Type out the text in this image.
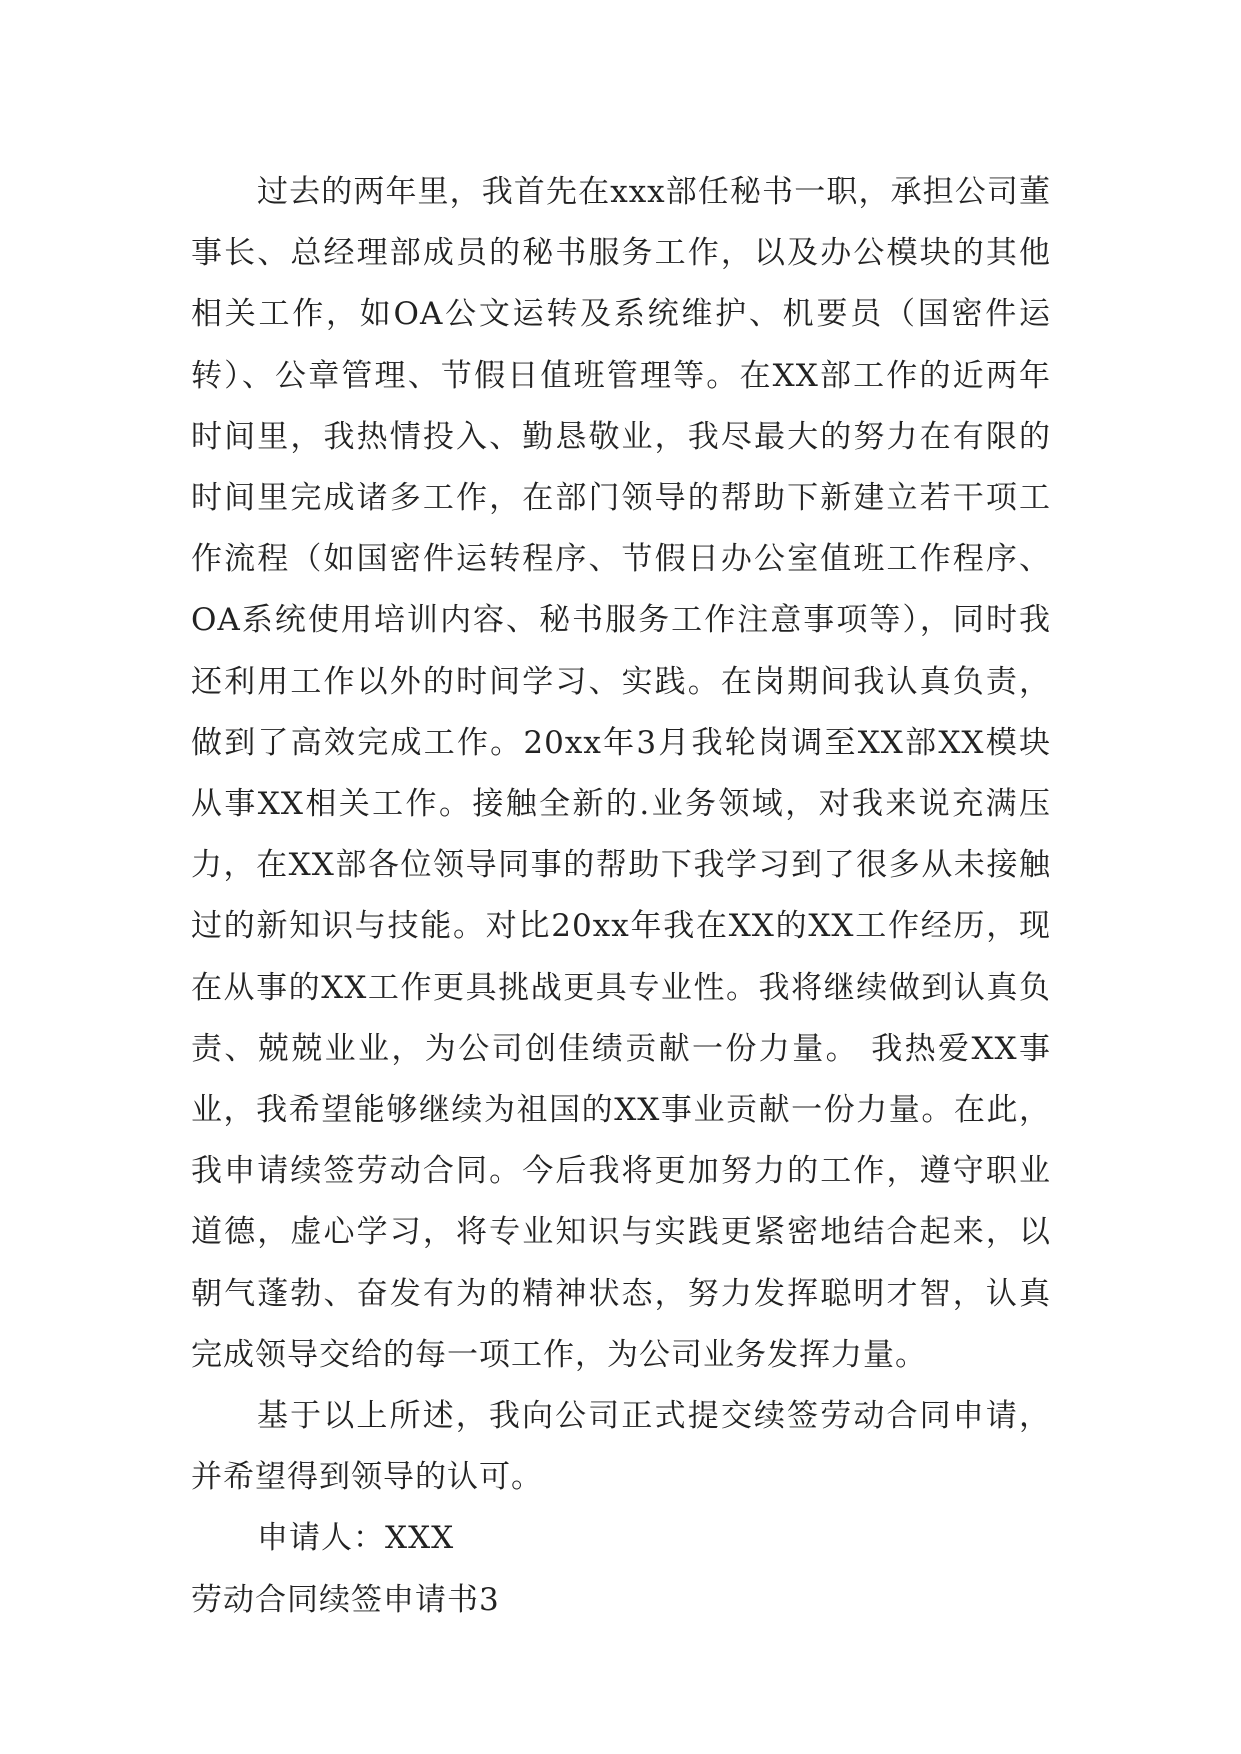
过去的两年里，我首先在xxx部任秘书一职，承担公司董事长、总经理部成员的秘书服务工作，以及办公模块的其他相关工作，如OA公文运转及系统维护、机要员（国密件运转）、公章管理、节假日值班管理等。在XX部工作的近两年时间里，我热情投入、勤恳敬业，我尽最大的努力在有限的时间里完成诸多工作，在部门领导的帮助下新建立若干项工作流程（如国密件运转程序、节假日办公室值班工作程序、OA系统使用培训内容、秘书服务工作注意事项等），同时我还利用工作以外的时间学习、实践。在岗期间我认真负责，做到了高效完成工作。20xx年3月我轮岗调至XX部XX模块从事XX相关工作。接触全新的.业务领域，对我来说充满压力，在XX部各位领导同事的帮助下我学习到了很多从未接触过的新知识与技能。对比20xx年我在XX的XX工作经历，现在从事的XX工作更具挑战更具专业性。我将继续做到认真负责、兢兢业业，为公司创佳绩贡献一份力量。 我热爱XX事业，我希望能够继续为祖国的XX事业贡献一份力量。在此，我申请续签劳动合同。今后我将更加努力的工作，遵守职业道德，虚心学习，将专业知识与实践更紧密地结合起来，以朝气蓬勃、奋发有为的精神状态，努力发挥聪明才智，认真完成领导交给的每一项工作，为公司业务发挥力量。

基于以上所述，我向公司正式提交续签劳动合同申请，并希望得到领导的认可。

申请人：XXX

劳动合同续签申请书3
